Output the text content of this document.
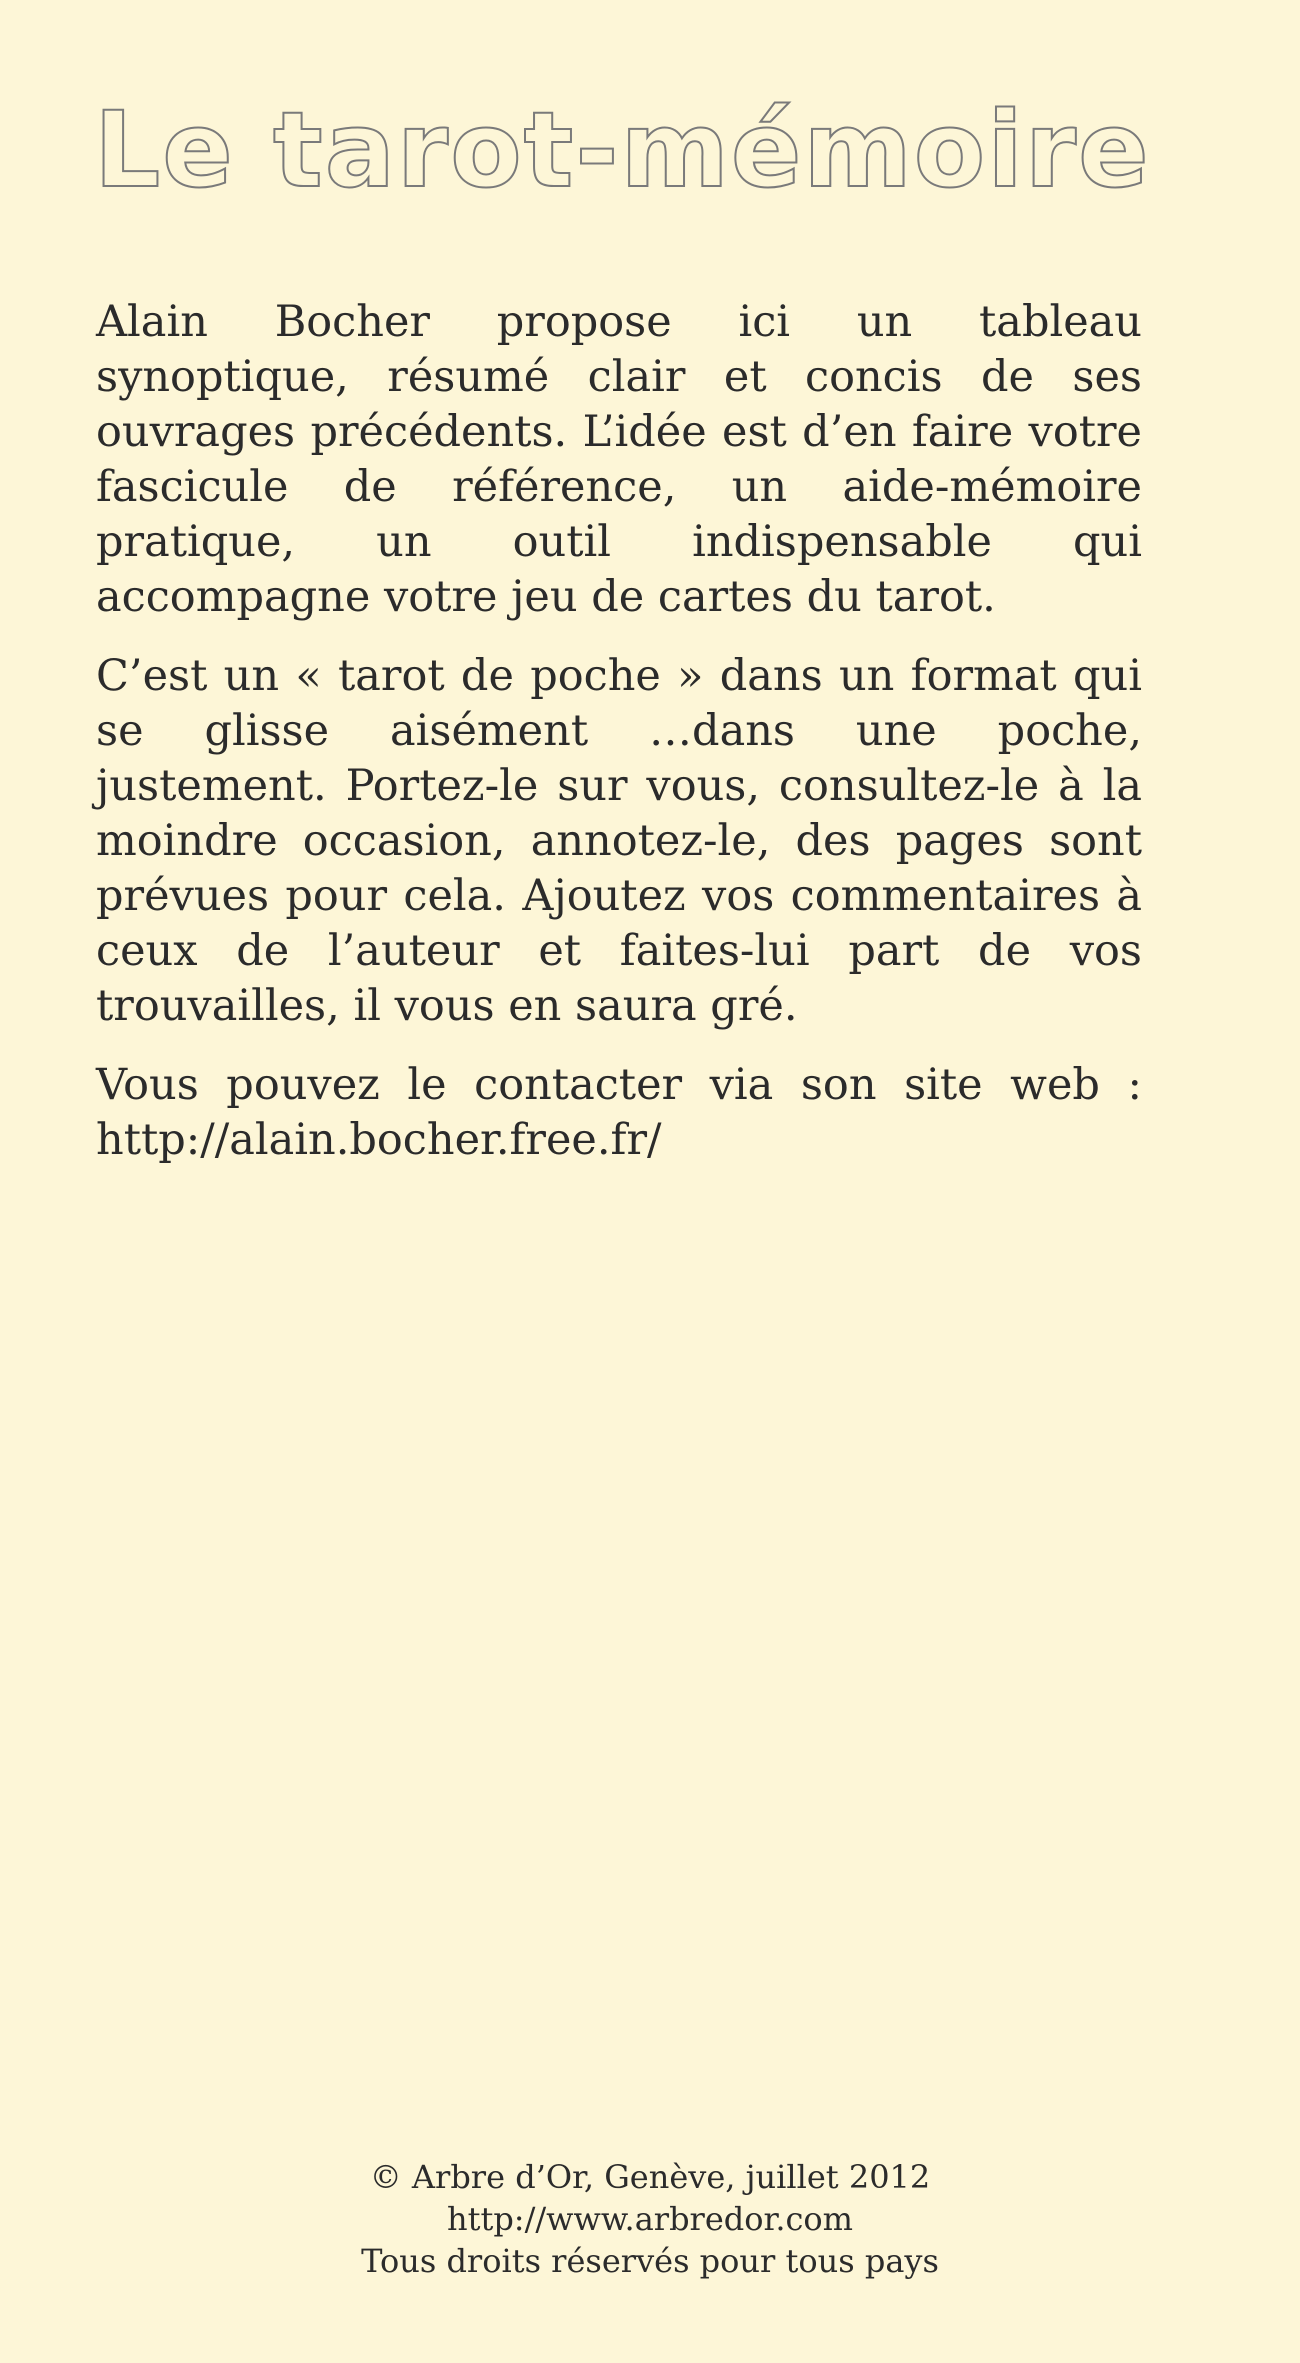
Le tarot-mémoire

Alain Bocher propose ici un tableau synoptique, résumé clair et concis de ses ouvrages précédents. L’idée est d’en faire votre fascicule de référence, un aide-mémoire pratique, un outil indispensable qui accompagne votre jeu de cartes du tarot.

C’est un « tarot de poche » dans un format qui se glisse aisément …dans une poche, justement. Portez-le sur vous, consultez-le à la moindre occasion, annotez-le, des pages sont prévues pour cela. Ajoutez vos commentaires à ceux de l’auteur et faites-lui part de vos trouvailles, il vous en saura gré.

Vous pouvez le contacter via son site web :
http://alain.bocher.free.fr/

© Arbre d’Or, Genève, juillet 2012
http://www.arbredor.com
Tous droits réservés pour tous pays
